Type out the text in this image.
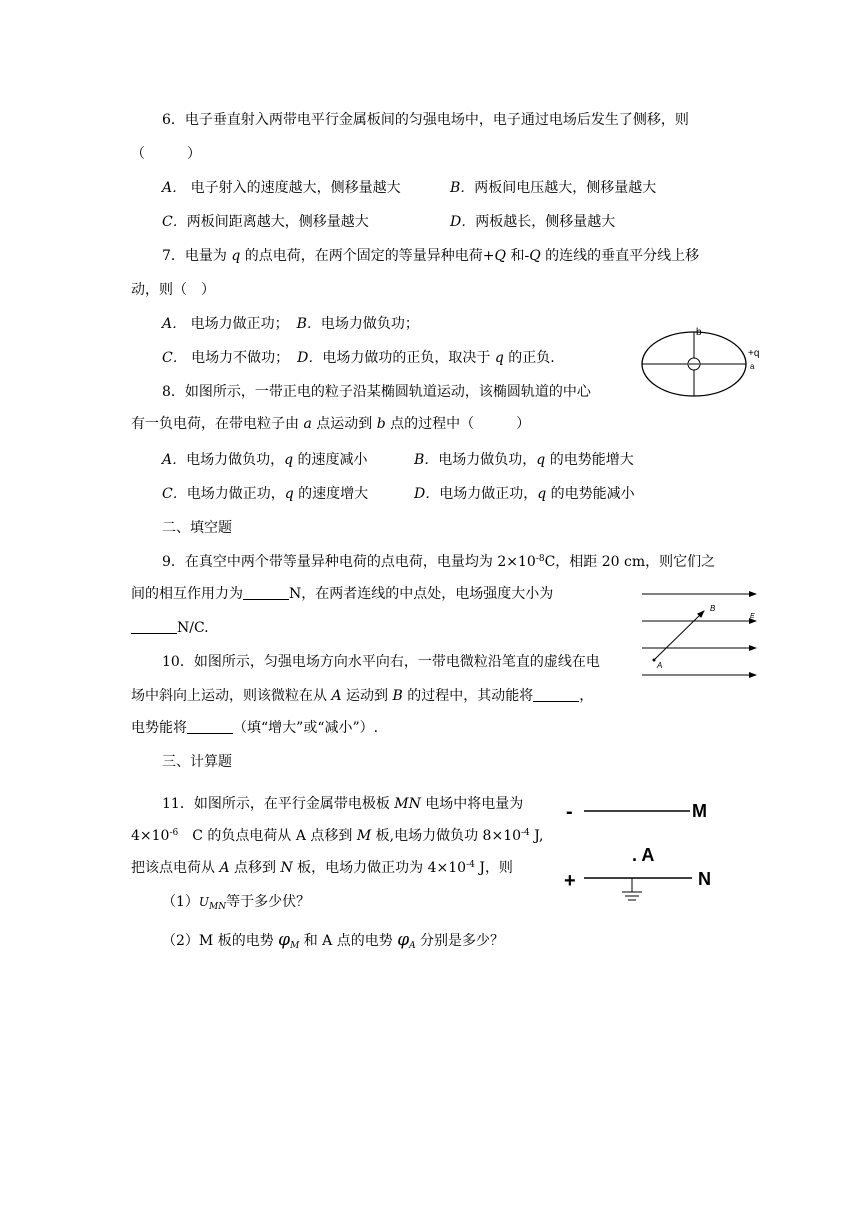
6．电子垂直射入两带电平行金属板间的匀强电场中，电子通过电场后发生了侧移，则
（　　　）
A． 电子射入的速度越大，侧移量越大	B．两板间电压越大，侧移量越大
C．两板间距离越大，侧移量越大	D．两板越长，侧移量越大
7．电量为 q 的点电荷，在两个固定的等量异种电荷+Q 和-Q 的连线的垂直平分线上移
动，则（　）
A． 电场力做正功； B．电场力做负功；
C． 电场力不做功； D．电场力做功的正负，取决于 q 的正负.
b
+q
a
8．如图所示，一带正电的粒子沿某椭圆轨道运动，该椭圆轨道的中心
有一负电荷，在带电粒子由 a 点运动到 b 点的过程中（　　　）
A．电场力做负功，q 的速度减小	B．电场力做负功，q 的电势能增大
C．电场力做正功，q 的速度增大	D．电场力做正功，q 的电势能减小
二、填空题
9．在真空中两个带等量异种电荷的点电荷，电量均为 $2\times 10^{-8}C$，相距 20 cm，则它们之
间的相互作用力为	N，在两者连线的中点处，电场强度大小为
N/C.
B
E
A
10．如图所示，匀强电场方向水平向右，一带电微粒沿笔直的虚线在电
场中斜向上运动，则该微粒在从 A 运动到 B 的过程中，其动能将	，
电势能将	（填“增大”或“减小”）.
三、计算题
-	M
. A
+	N
11．如图所示，在平行金属带电极板 MN 电场中将电量为
$4\times 10^{-6}$　C 的负点电荷从 A 点移到 M 板,电场力做负功 $8\times 10^{-4}$ J,
把该点电荷从 A 点移到 N 板，电场力做正功为 $4\times 10^{-4}$ J，则
$(1)U_{MN}$等于多少伏？
（2）M 板的电势 $\varphi_M$ 和 A 点的电势 $\varphi_A$ 分别是多少？
